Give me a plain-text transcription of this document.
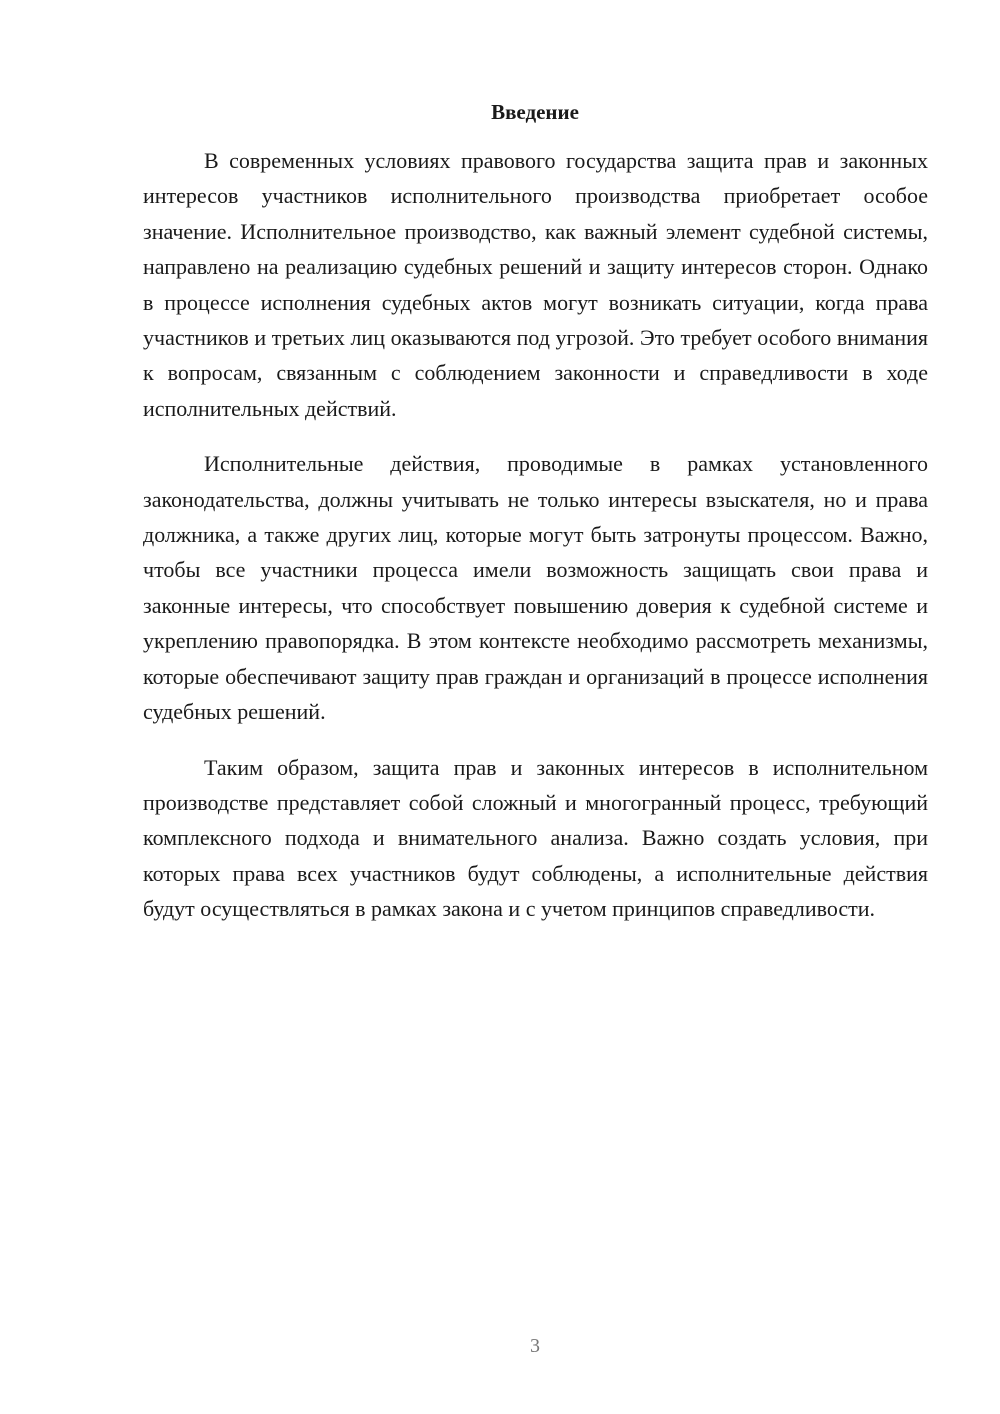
Введение

В современных условиях правового государства защита прав и законных интересов участников исполнительного производства приобретает особое значение. Исполнительное производство, как важный элемент судебной системы, направлено на реализацию судебных решений и защиту интересов сторон. Однако в процессе исполнения судебных актов могут возникать ситуации, когда права участников и третьих лиц оказываются под угрозой. Это требует особого внимания к вопросам, связанным с соблюдением законности и справедливости в ходе исполнительных действий.

Исполнительные действия, проводимые в рамках установленного законодательства, должны учитывать не только интересы взыскателя, но и права должника, а также других лиц, которые могут быть затронуты процессом. Важно, чтобы все участники процесса имели возможность защищать свои права и законные интересы, что способствует повышению доверия к судебной системе и укреплению правопорядка. В этом контексте необходимо рассмотреть механизмы, которые обеспечивают защиту прав граждан и организаций в процессе исполнения судебных решений.

Таким образом, защита прав и законных интересов в исполнительном производстве представляет собой сложный и многогранный процесс, требующий комплексного подхода и внимательного анализа. Важно создать условия, при которых права всех участников будут соблюдены, а исполнительные действия будут осуществляться в рамках закона и с учетом принципов справедливости.

3
